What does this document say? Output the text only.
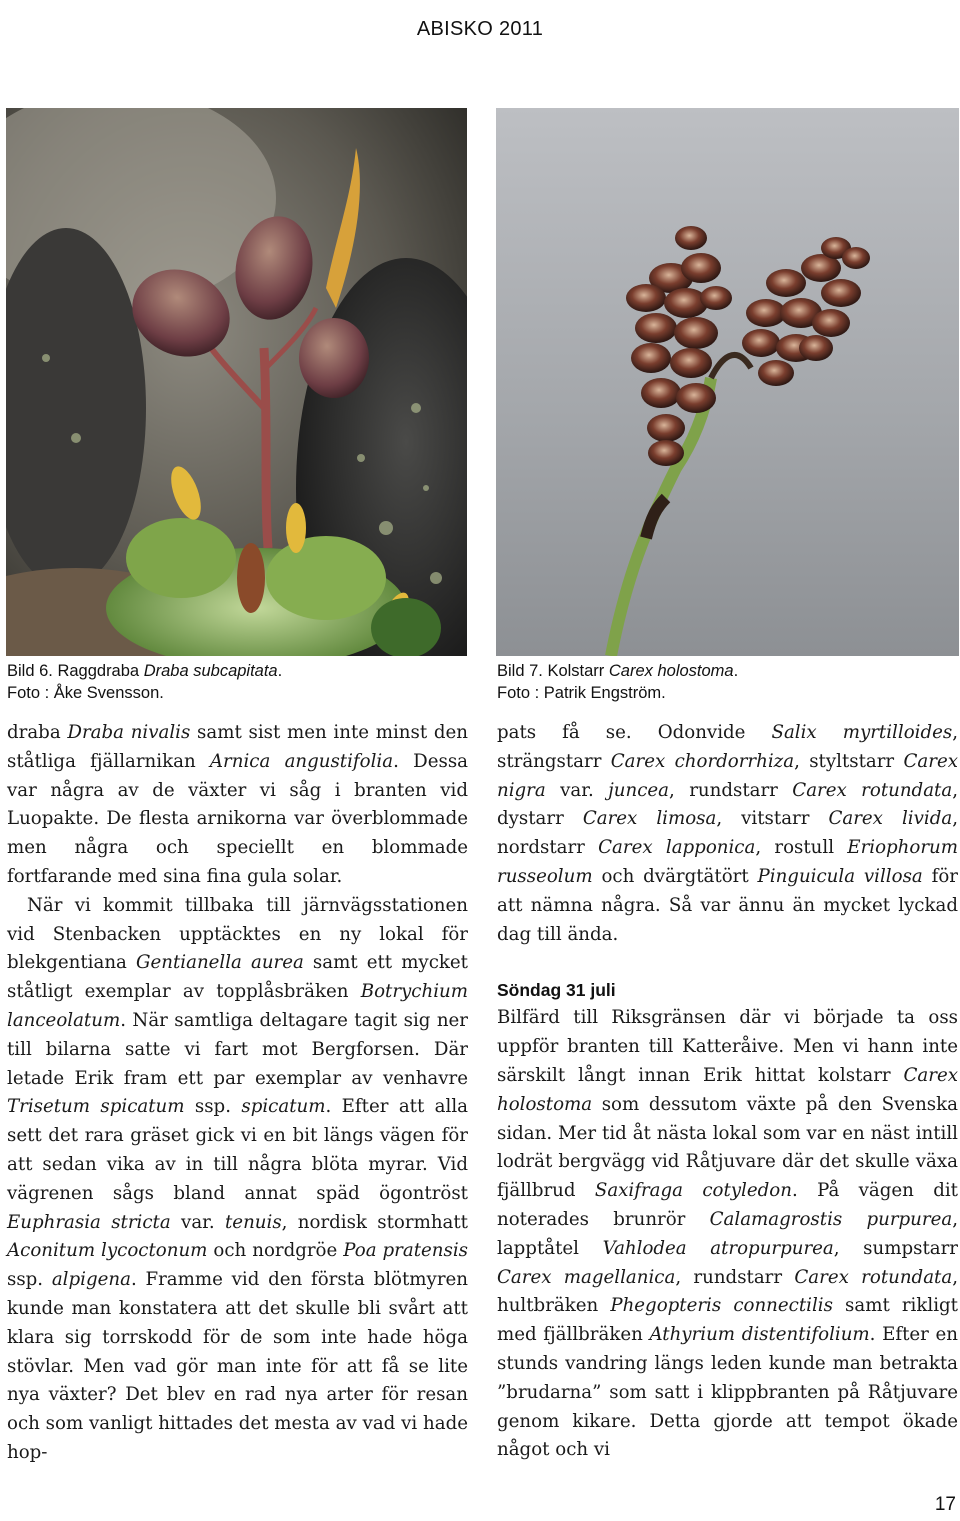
ABISKO 2011
Bild 6. Raggdraba Draba subcapitata.
Foto : Åke Svensson.
Bild 7. Kolstarr Carex holostoma.
Foto : Patrik Engström.

draba Draba nivalis samt sist men inte minst den ståtliga fjällarnikan Arnica angustifolia. Dessa var några av de växter vi såg i branten vid Luopakte. De flesta arnikorna var överblommade men några och speciellt en blommade fortfarande med sina fina gula solar.

När vi kommit tillbaka till järnvägsstationen vid Stenbacken upptäcktes en ny lokal för blekgentiana Gentianella aurea samt ett mycket ståtligt exemplar av topplåsbräken Botrychium lanceolatum. När samtliga deltagare tagit sig ner till bilarna satte vi fart mot Bergforsen. Där letade Erik fram ett par exemplar av venhavre Trisetum spicatum ssp. spicatum. Efter att alla sett det rara gräset gick vi en bit längs vägen för att sedan vika av in till några blöta myrar. Vid vägrenen sågs bland annat späd ögontröst Euphrasia stricta var. tenuis, nordisk stormhatt Aconitum lycoctonum och nordgröe Poa pratensis ssp. alpigena. Framme vid den första blötmyren kunde man konstatera att det skulle bli svårt att klara sig torrskodd för de som inte hade höga stövlar. Men vad gör man inte för att få se lite nya växter? Det blev en rad nya arter för resan och som vanligt hittades det mesta av vad vi hade hop-

pats få se. Odonvide Salix myrtilloides, strängstarr Carex chordorrhiza, styltstarr Carex nigra var. juncea, rundstarr Carex rotundata, dystarr Carex limosa, vitstarr Carex livida, nordstarr Carex lapponica, rostull Eriophorum russeolum och dvärgtätört Pinguicula villosa för att nämna några. Så var ännu än mycket lyckad dag till ända.

Söndag 31 juli

Bilfärd till Riksgränsen där vi började ta oss uppför branten till Katteråive. Men vi hann inte särskilt långt innan Erik hittat kolstarr Carex holostoma som dessutom växte på den Svenska sidan. Mer tid åt nästa lokal som var en näst intill lodrät bergvägg vid Råtjuvare där det skulle växa fjällbrud Saxifraga cotyledon. På vägen dit noterades brunrör Calamagrostis purpurea, lapptåtel Vahlodea atropurpurea, sumpstarr Carex magellanica, rundstarr Carex rotundata, hultbräken Phegopteris connectilis samt rikligt med fjällbräken Athyrium distentifolium. Efter en stunds vandring längs leden kunde man betrakta ”brudarna” som satt i klippbranten på Råtjuvare genom kikare. Detta gjorde att tempot ökade något och vi

17
